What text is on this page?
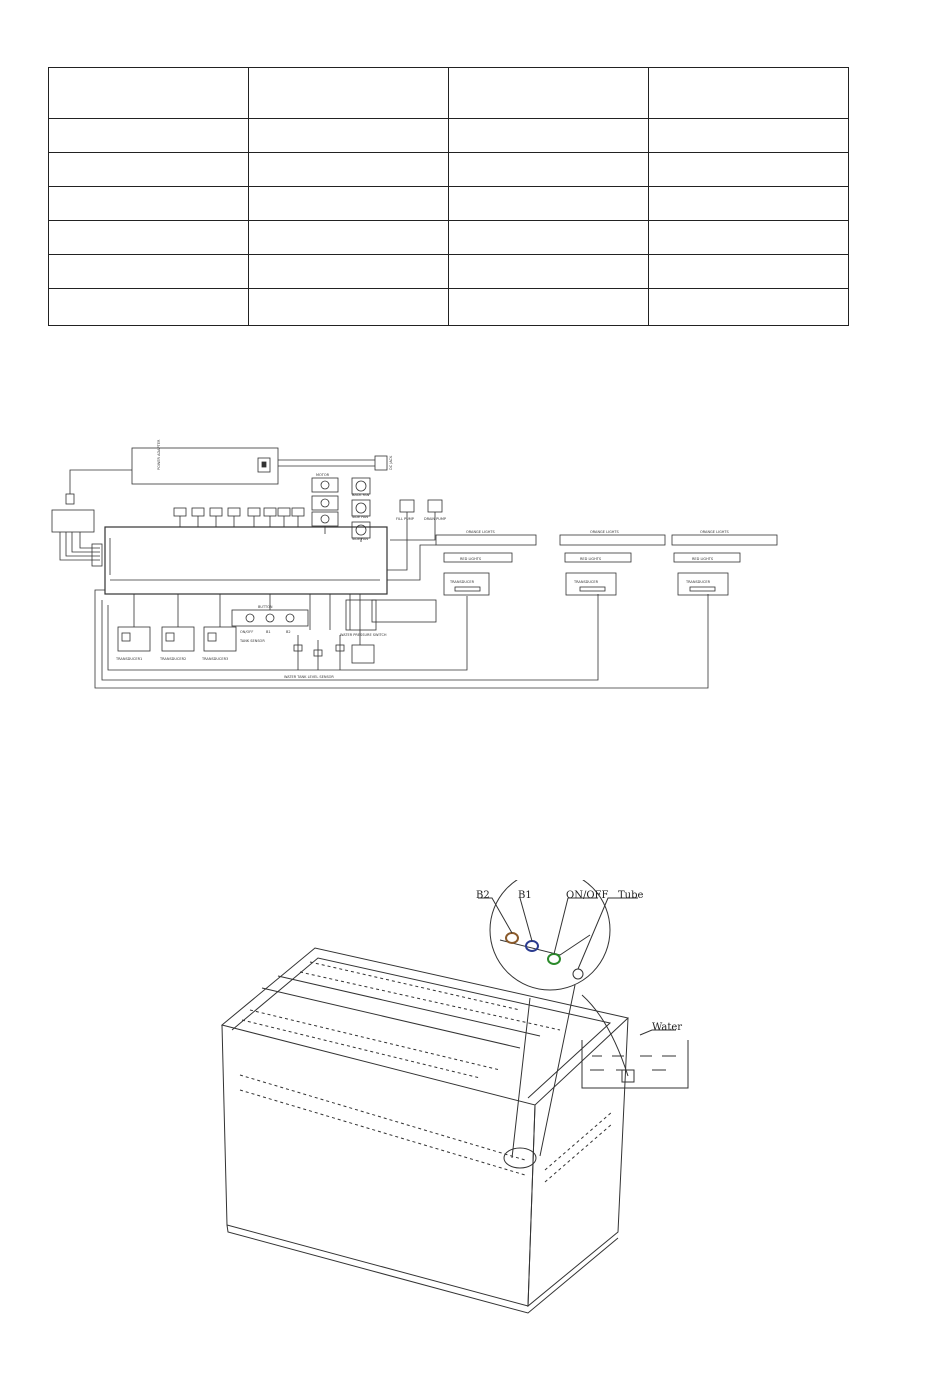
POWER ADAPTER	DC JACK
MOTOR
BACK FAN
SIDE FAN
SIDE FAN
FILL PUMP	DRAIN PUMP
ORANGE LIGHTS	ORANGE LIGHTS	ORANGE LIGHTS
RED LIGHTS	RED LIGHTS	RED LIGHTS
TRANSDUCER	TRANSDUCER	TRANSDUCER
TRANSDUCER1	TRANSDUCER2	TRANSDUCER3
BUTTON
ON/OFF	B1	B2
TANK SENSOR
WATER TANK LEVEL SENSOR
WATER PRESSURE SWITCH
B2	B1	ON/OFF Tube
Water
